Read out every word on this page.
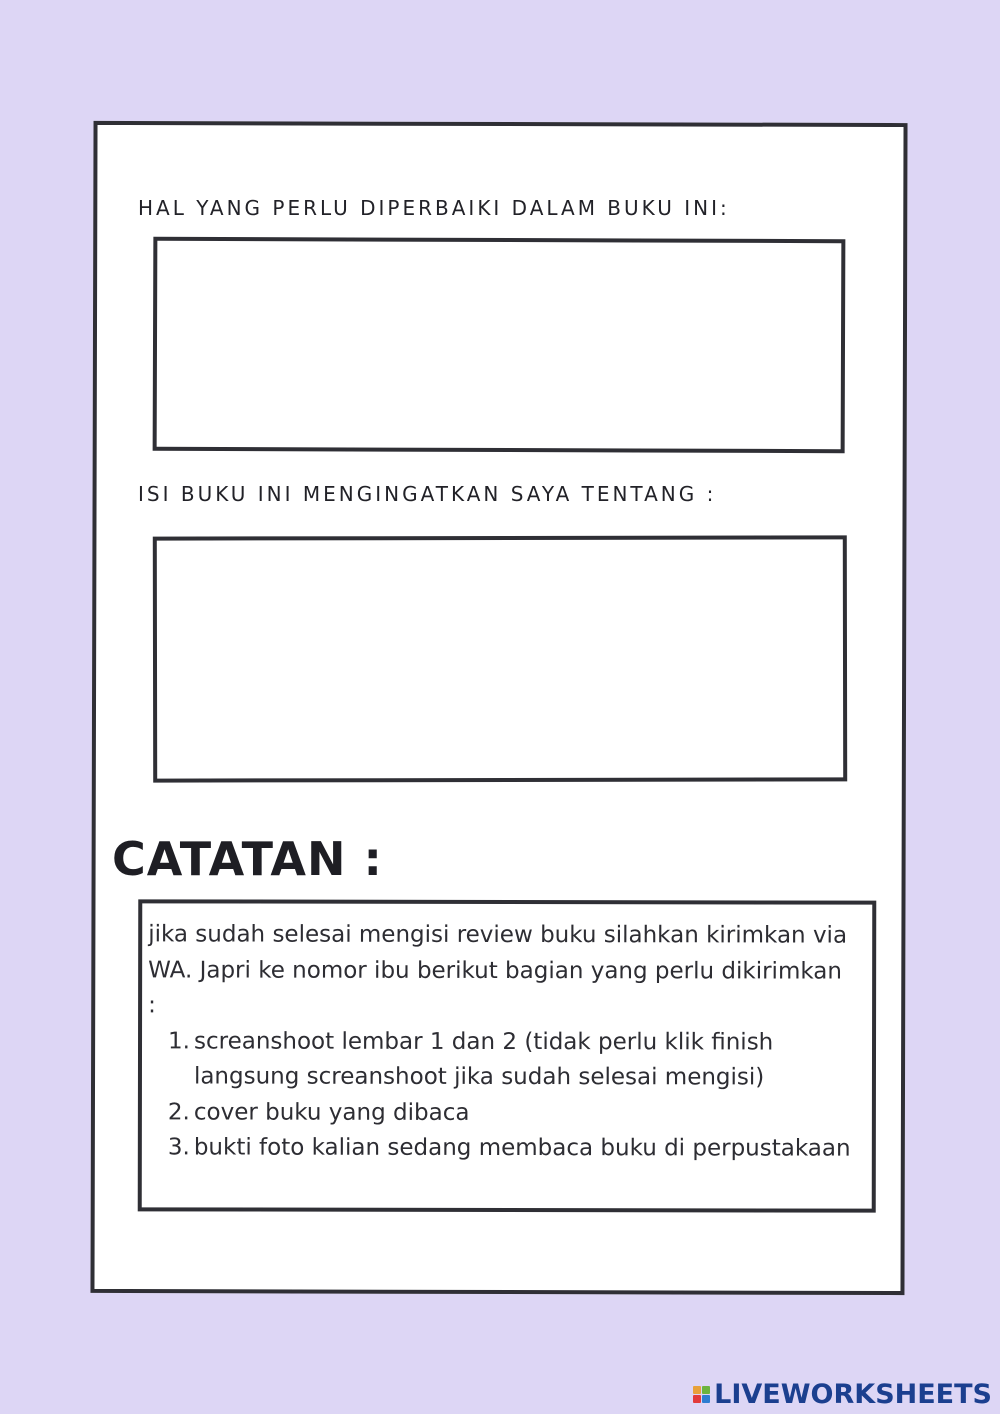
HAL YANG PERLU DIPERBAIKI DALAM BUKU INI:
ISI BUKU INI MENGINGATKAN SAYA TENTANG :
CATATAN :

jika sudah selesai mengisi review buku silahkan kirimkan via WA. Japri ke nomor ibu berikut bagian yang perlu dikirimkan :

1. screanshoot lembar 1 dan 2 (tidak perlu klik finish langsung screanshoot jika sudah selesai mengisi)
2. cover buku yang dibaca
3. bukti foto kalian sedang membaca buku di perpustakaan
LIVEWORKSHEETS
